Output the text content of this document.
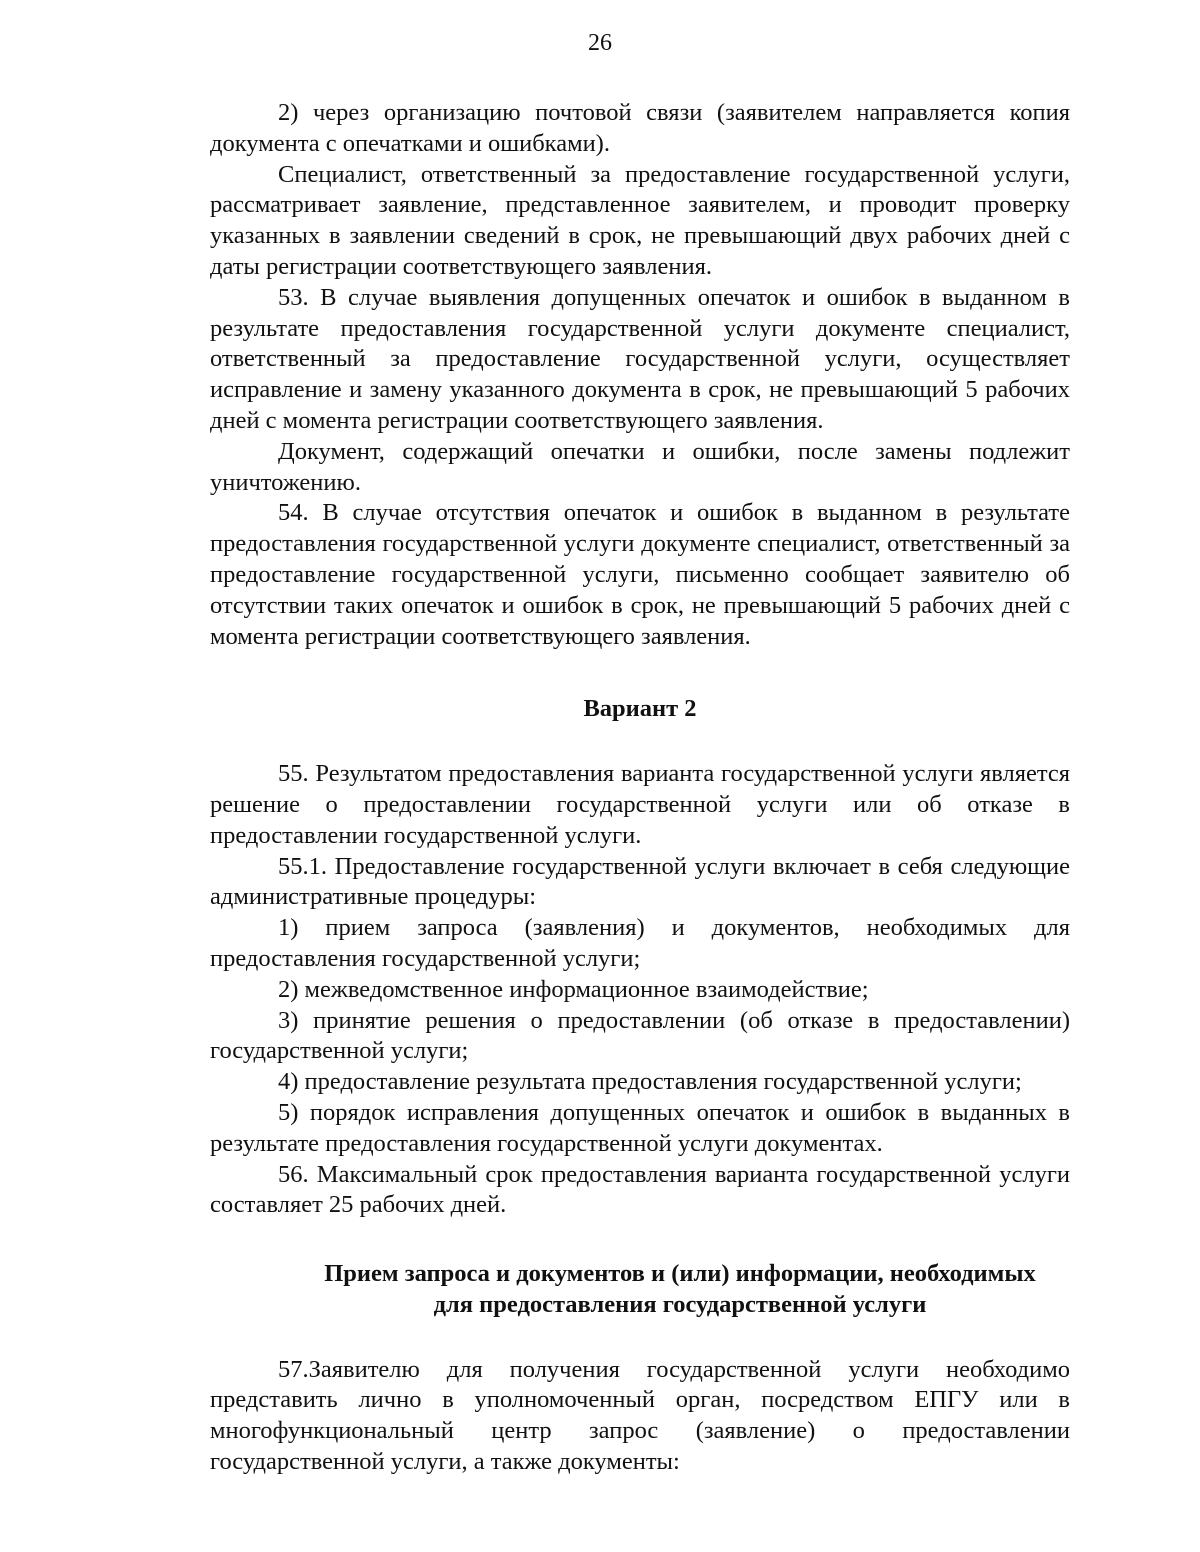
26

2) через организацию почтовой связи (заявителем направляется копия документа с опечатками и ошибками).

Специалист, ответственный за предоставление государственной услуги, рассматривает заявление, представленное заявителем, и проводит проверку указанных в заявлении сведений в срок, не превышающий двух рабочих дней с даты регистрации соответствующего заявления.

53. В случае выявления допущенных опечаток и ошибок в выданном в результате предоставления государственной услуги документе специалист, ответственный за предоставление государственной услуги, осуществляет исправление и замену указанного документа в срок, не превышающий 5 рабочих дней с момента регистрации соответствующего заявления.

Документ, содержащий опечатки и ошибки, после замены подлежит уничтожению.

54. В случае отсутствия опечаток и ошибок в выданном в результате предоставления государственной услуги документе специалист, ответственный за предоставление государственной услуги, письменно сообщает заявителю об отсутствии таких опечаток и ошибок в срок, не превышающий 5 рабочих дней с момента регистрации соответствующего заявления.

Вариант 2

55. Результатом предоставления варианта государственной услуги является решение о предоставлении государственной услуги или об отказе в предоставлении государственной услуги.

55.1. Предоставление государственной услуги включает в себя следующие административные процедуры:

1) прием запроса (заявления) и документов, необходимых для предоставления государственной услуги;

2) межведомственное информационное взаимодействие;

3) принятие решения о предоставлении (об отказе в предоставлении) государственной услуги;

4) предоставление результата предоставления государственной услуги;

5) порядок исправления допущенных опечаток и ошибок в выданных в результате предоставления государственной услуги документах.

56. Максимальный срок предоставления варианта государственной услуги составляет 25 рабочих дней.

Прием запроса и документов и (или) информации, необходимых
для предоставления государственной услуги

57.Заявителю для получения государственной услуги необходимо представить лично в уполномоченный орган, посредством ЕПГУ или в многофункциональный центр запрос (заявление) о предоставлении государственной услуги, а также документы:
